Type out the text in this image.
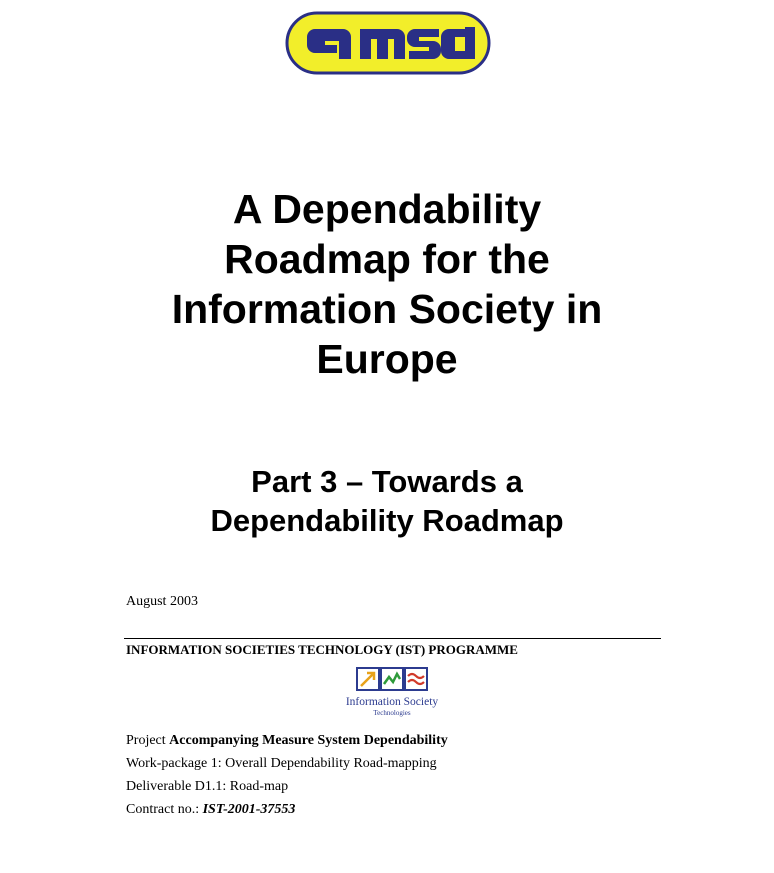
A Dependability
Roadmap for the
Information Society in
Europe
Part 3 – Towards a
Dependability Roadmap
August 2003
INFORMATION SOCIETIES TECHNOLOGY (IST) PROGRAMME
Information Society
Technologies
Project Accompanying Measure System Dependability
Work-package 1: Overall Dependability Road-mapping
Deliverable D1.1: Road-map
Contract no.: IST-2001-37553
